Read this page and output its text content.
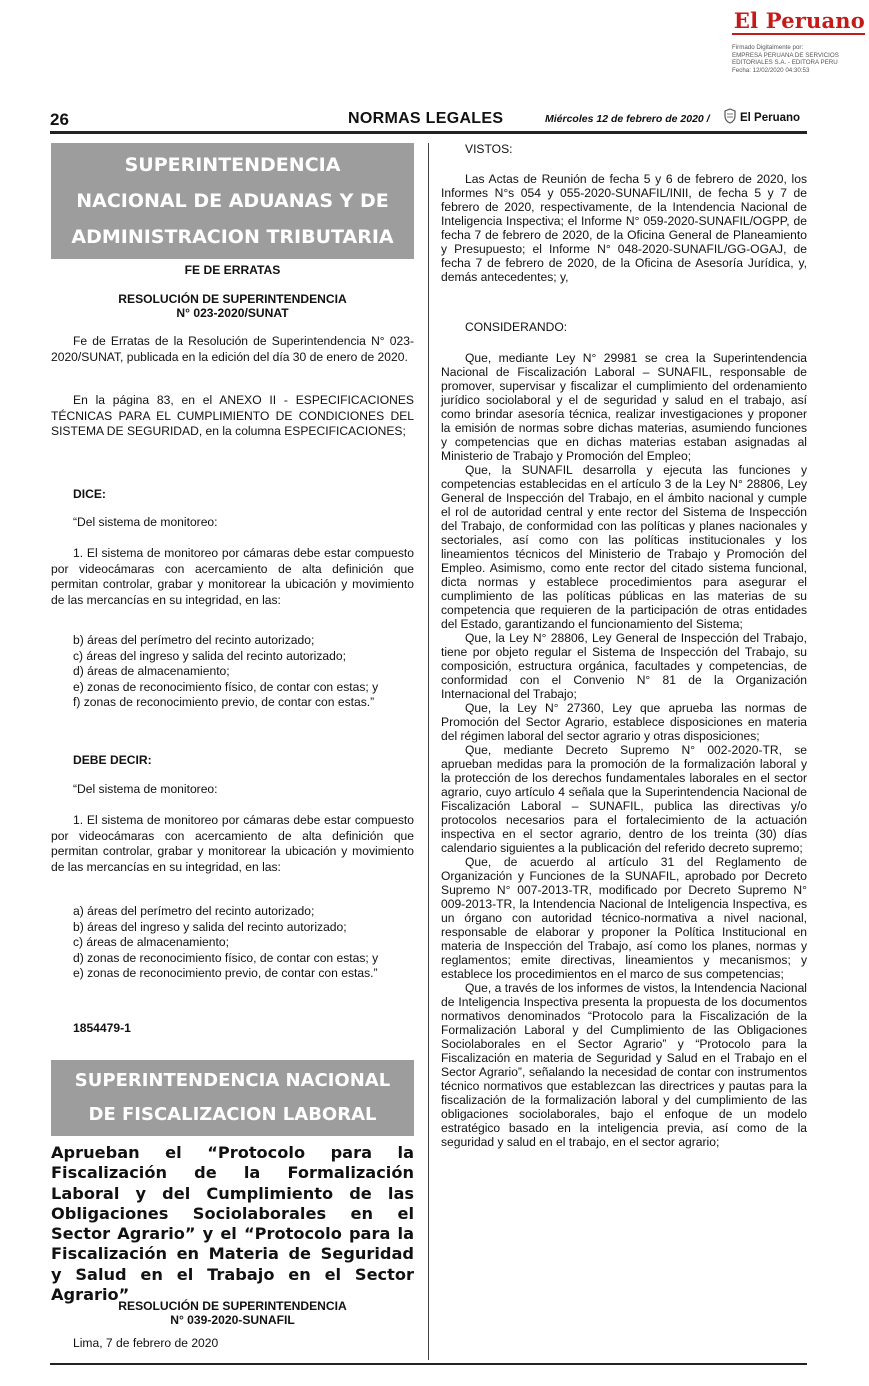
El Peruano
Firmado Digitalmente por:
EMPRESA PERUANA DE SERVICIOS
EDITORIALES S.A. - EDITORA PERU
Fecha: 12/02/2020 04:30:53
26	NORMAS LEGALES	Miércoles 12 de febrero de 2020 /	El Peruano
SUPERINTENDENCIA
NACIONAL DE ADUANAS Y DE
ADMINISTRACION TRIBUTARIA
FE DE ERRATAS
RESOLUCIÓN DE SUPERINTENDENCIA
N° 023-2020/SUNAT

Fe de Erratas de la Resolución de Superintendencia N° 023-2020/SUNAT, publicada en la edición del día 30 de enero de 2020.

En la página 83, en el ANEXO II - ESPECIFICACIONES TÉCNICAS PARA EL CUMPLIMIENTO DE CONDICIONES DEL SISTEMA DE SEGURIDAD, en la columna ESPECIFICACIONES;

DICE:
“Del sistema de monitoreo:

1. El sistema de monitoreo por cámaras debe estar compuesto por videocámaras con acercamiento de alta definición que permitan controlar, grabar y monitorear la ubicación y movimiento de las mercancías en su integridad, en las:

b) áreas del perímetro del recinto autorizado;

c) áreas del ingreso y salida del recinto autorizado;

d) áreas de almacenamiento;

e) zonas de reconocimiento físico, de contar con estas; y

f) zonas de reconocimiento previo, de contar con estas.”

DEBE DECIR:
“Del sistema de monitoreo:

1. El sistema de monitoreo por cámaras debe estar compuesto por videocámaras con acercamiento de alta definición que permitan controlar, grabar y monitorear la ubicación y movimiento de las mercancías en su integridad, en las:

a) áreas del perímetro del recinto autorizado;

b) áreas del ingreso y salida del recinto autorizado;

c) áreas de almacenamiento;

d) zonas de reconocimiento físico, de contar con estas; y

e) zonas de reconocimiento previo, de contar con estas.”

1854479-1
SUPERINTENDENCIA NACIONAL
DE FISCALIZACION LABORAL
Aprueban el “Protocolo para la Fiscalización de la Formalización Laboral y del Cumplimiento de las Obligaciones Sociolaborales en el Sector Agrario” y el “Protocolo para la Fiscalización en Materia de Seguridad y Salud en el Trabajo en el Sector Agrario”
RESOLUCIÓN DE SUPERINTENDENCIA
N° 039-2020-SUNAFIL
Lima, 7 de febrero de 2020

VISTOS:

Las Actas de Reunión de fecha 5 y 6 de febrero de 2020, los Informes N°s 054 y 055-2020-SUNAFIL/INII, de fecha 5 y 7 de febrero de 2020, respectivamente, de la Intendencia Nacional de Inteligencia Inspectiva; el Informe N° 059-2020-SUNAFIL/OGPP, de fecha 7 de febrero de 2020, de la Oficina General de Planeamiento y Presupuesto; el Informe N° 048-2020-SUNAFIL/GG-OGAJ, de fecha 7 de febrero de 2020, de la Oficina de Asesoría Jurídica, y, demás antecedentes; y,

CONSIDERANDO:

Que, mediante Ley N° 29981 se crea la Superintendencia Nacional de Fiscalización Laboral – SUNAFIL, responsable de promover, supervisar y fiscalizar el cumplimiento del ordenamiento jurídico sociolaboral y el de seguridad y salud en el trabajo, así como brindar asesoría técnica, realizar investigaciones y proponer la emisión de normas sobre dichas materias, asumiendo funciones y competencias que en dichas materias estaban asignadas al Ministerio de Trabajo y Promoción del Empleo;

Que, la SUNAFIL desarrolla y ejecuta las funciones y competencias establecidas en el artículo 3 de la Ley N° 28806, Ley General de Inspección del Trabajo, en el ámbito nacional y cumple el rol de autoridad central y ente rector del Sistema de Inspección del Trabajo, de conformidad con las políticas y planes nacionales y sectoriales, así como con las políticas institucionales y los lineamientos técnicos del Ministerio de Trabajo y Promoción del Empleo. Asimismo, como ente rector del citado sistema funcional, dicta normas y establece procedimientos para asegurar el cumplimiento de las políticas públicas en las materias de su competencia que requieren de la participación de otras entidades del Estado, garantizando el funcionamiento del Sistema;

Que, la Ley N° 28806, Ley General de Inspección del Trabajo, tiene por objeto regular el Sistema de Inspección del Trabajo, su composición, estructura orgánica, facultades y competencias, de conformidad con el Convenio N° 81 de la Organización Internacional del Trabajo;

Que, la Ley N° 27360, Ley que aprueba las normas de Promoción del Sector Agrario, establece disposiciones en materia del régimen laboral del sector agrario y otras disposiciones;

Que, mediante Decreto Supremo N° 002-2020-TR, se aprueban medidas para la promoción de la formalización laboral y la protección de los derechos fundamentales laborales en el sector agrario, cuyo artículo 4 señala que la Superintendencia Nacional de Fiscalización Laboral – SUNAFIL, publica las directivas y/o protocolos necesarios para el fortalecimiento de la actuación inspectiva en el sector agrario, dentro de los treinta (30) días calendario siguientes a la publicación del referido decreto supremo;

Que, de acuerdo al artículo 31 del Reglamento de Organización y Funciones de la SUNAFIL, aprobado por Decreto Supremo N° 007-2013-TR, modificado por Decreto Supremo N° 009-2013-TR, la Intendencia Nacional de Inteligencia Inspectiva, es un órgano con autoridad técnico-normativa a nivel nacional, responsable de elaborar y proponer la Política Institucional en materia de Inspección del Trabajo, así como los planes, normas y reglamentos; emite directivas, lineamientos y mecanismos; y establece los procedimientos en el marco de sus competencias;

Que, a través de los informes de vistos, la Intendencia Nacional de Inteligencia Inspectiva presenta la propuesta de los documentos normativos denominados “Protocolo para la Fiscalización de la Formalización Laboral y del Cumplimiento de las Obligaciones Sociolaborales en el Sector Agrario” y “Protocolo para la Fiscalización en materia de Seguridad y Salud en el Trabajo en el Sector Agrario”, señalando la necesidad de contar con instrumentos técnico normativos que establezcan las directrices y pautas para la fiscalización de la formalización laboral y del cumplimiento de las obligaciones sociolaborales, bajo el enfoque de un modelo estratégico basado en la inteligencia previa, así como de la seguridad y salud en el trabajo, en el sector agrario;
